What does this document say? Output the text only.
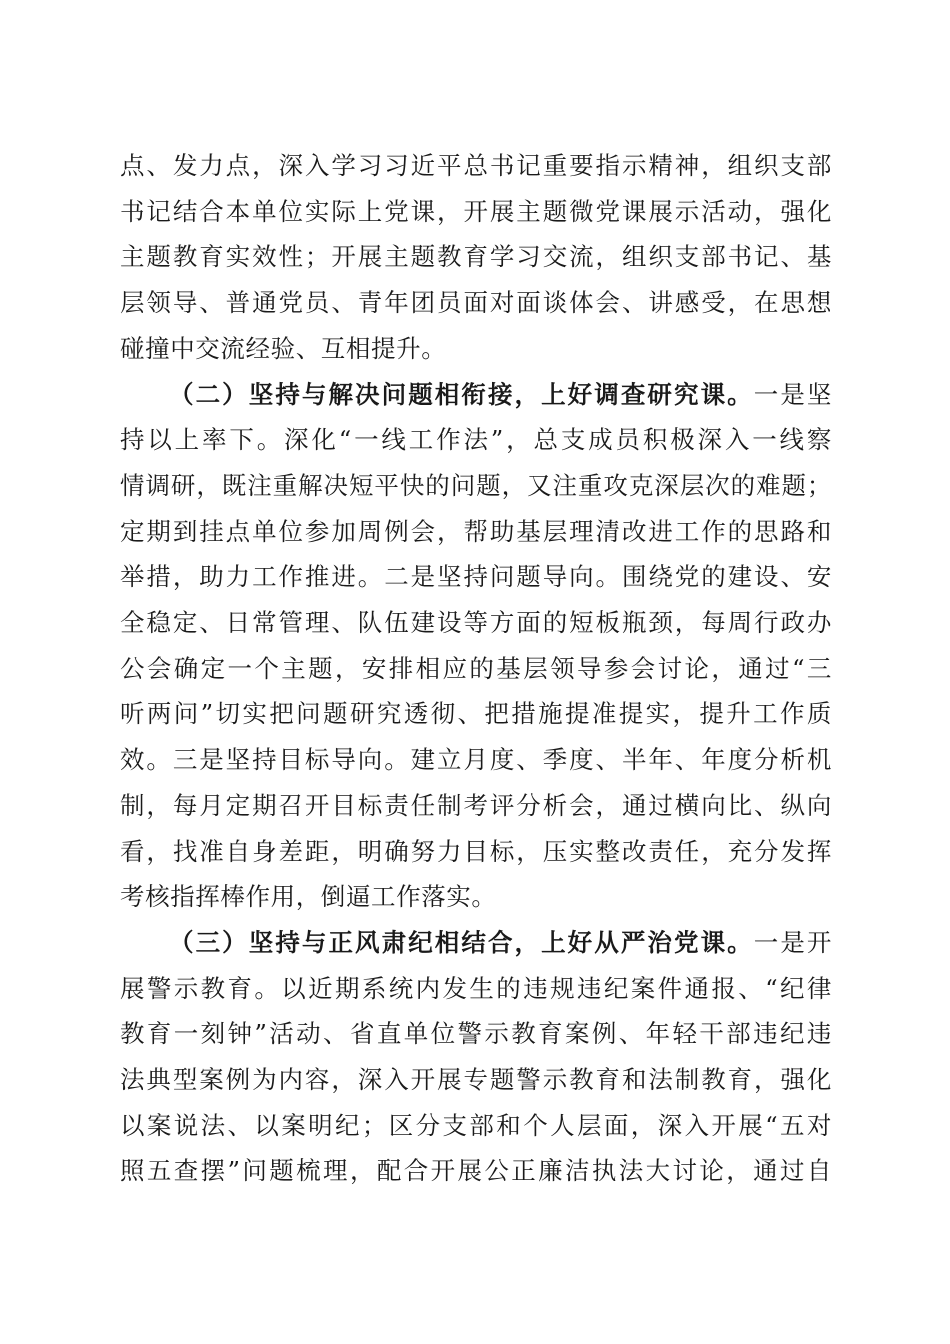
点、发力点，深入学习习近平总书记重要指示精神，组织支部
书记结合本单位实际上党课，开展主题微党课展示活动，强化
主题教育实效性；开展主题教育学习交流，组织支部书记、基
层领导、普通党员、青年团员面对面谈体会、讲感受，在思想
碰撞中交流经验、互相提升。
（二）坚持与解决问题相衔接，上好调查研究课。一是坚
持以上率下。深化“一线工作法”，总支成员积极深入一线察
情调研，既注重解决短平快的问题，又注重攻克深层次的难题；
定期到挂点单位参加周例会，帮助基层理清改进工作的思路和
举措，助力工作推进。二是坚持问题导向。围绕党的建设、安
全稳定、日常管理、队伍建设等方面的短板瓶颈，每周行政办
公会确定一个主题，安排相应的基层领导参会讨论，通过“三
听两问”切实把问题研究透彻、把措施提准提实，提升工作质
效。三是坚持目标导向。建立月度、季度、半年、年度分析机
制，每月定期召开目标责任制考评分析会，通过横向比、纵向
看，找准自身差距，明确努力目标，压实整改责任，充分发挥
考核指挥棒作用，倒逼工作落实。
（三）坚持与正风肃纪相结合，上好从严治党课。一是开
展警示教育。以近期系统内发生的违规违纪案件通报、“纪律
教育一刻钟”活动、省直单位警示教育案例、年轻干部违纪违
法典型案例为内容，深入开展专题警示教育和法制教育，强化
以案说法、以案明纪；区分支部和个人层面，深入开展“五对
照五查摆”问题梳理，配合开展公正廉洁执法大讨论，通过自
